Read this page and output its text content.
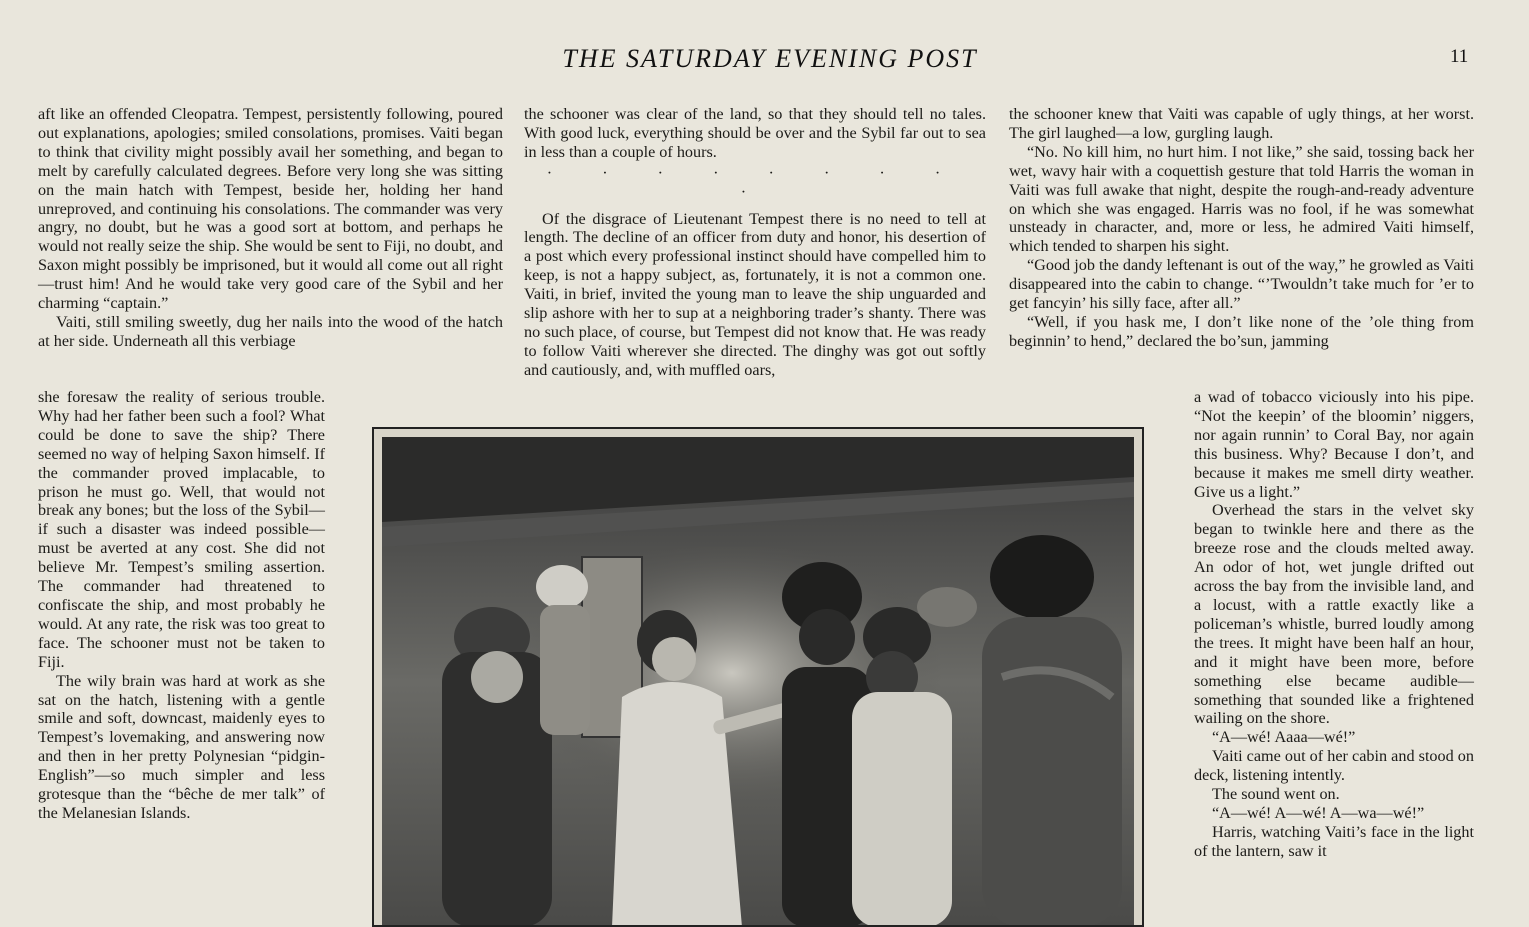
THE SATURDAY EVENING POST	11

aft like an offended Cleopatra. Tempest, persistently following, poured out explanations, apologies; smiled consolations, promises. Vaiti began to think that civility might possibly avail her something, and began to melt by carefully calculated degrees. Before very long she was sitting on the main hatch with Tempest, beside her, holding her hand unreproved, and continuing his consolations. The commander was very angry, no doubt, but he was a good sort at bottom, and perhaps he would not really seize the ship. She would be sent to Fiji, no doubt, and Saxon might possibly be imprisoned, but it would all come out all right—trust him! And he would take very good care of the Sybil and her charming “captain.”

Vaiti, still smiling sweetly, dug her nails into the wood of the hatch at her side. Underneath all this verbiage

she foresaw the reality of serious trouble. Why had her father been such a fool? What could be done to save the ship? There seemed no way of helping Saxon himself. If the commander proved implacable, to prison he must go. Well, that would not break any bones; but the loss of the Sybil—if such a disaster was indeed possible—must be averted at any cost. She did not believe Mr. Tempest’s smiling assertion. The commander had threatened to confiscate the ship, and most probably he would. At any rate, the risk was too great to face. The schooner must not be taken to Fiji.

The wily brain was hard at work as she sat on the hatch, listening with a gentle smile and soft, downcast, maidenly eyes to Tempest’s lovemaking, and answering now and then in her pretty Polynesian “pidgin-English”—so much simpler and less grotesque than the “bêche de mer talk” of the Melanesian Islands.

the schooner was clear of the land, so that they should tell no tales. With good luck, everything should be over and the Sybil far out to sea in less than a couple of hours.

· · · · · · · · ·

Of the disgrace of Lieutenant Tempest there is no need to tell at length. The decline of an officer from duty and honor, his desertion of a post which every professional instinct should have compelled him to keep, is not a happy subject, as, fortunately, it is not a common one. Vaiti, in brief, invited the young man to leave the ship unguarded and slip ashore with her to sup at a neighboring trader’s shanty. There was no such place, of course, but Tempest did not know that. He was ready to follow Vaiti wherever she directed. The dinghy was got out softly and cautiously, and, with muffled oars,

the schooner knew that Vaiti was capable of ugly things, at her worst. The girl laughed—a low, gurgling laugh.

“No. No kill him, no hurt him. I not like,” she said, tossing back her wet, wavy hair with a coquettish gesture that told Harris the woman in Vaiti was full awake that night, despite the rough-and-ready adventure on which she was engaged. Harris was no fool, if he was somewhat unsteady in character, and, more or less, he admired Vaiti himself, which tended to sharpen his sight.

“Good job the dandy leftenant is out of the way,” he growled as Vaiti disappeared into the cabin to change. “’Twouldn’t take much for ’er to get fancyin’ his silly face, after all.”

“Well, if you hask me, I don’t like none of the ’ole thing from beginnin’ to hend,” declared the bo’sun, jamming

a wad of tobacco viciously into his pipe. “Not the keepin’ of the bloomin’ niggers, nor again runnin’ to Coral Bay, nor again this business. Why? Because I don’t, and because it makes me smell dirty weather. Give us a light.”

Overhead the stars in the velvet sky began to twinkle here and there as the breeze rose and the clouds melted away. An odor of hot, wet jungle drifted out across the bay from the invisible land, and a locust, with a rattle exactly like a policeman’s whistle, burred loudly among the trees. It might have been half an hour, and it might have been more, before something else became audible—something that sounded like a frightened wailing on the shore.

“A—wé! Aaaa—wé!”

Vaiti came out of her cabin and stood on deck, listening intently.

The sound went on.

“A—wé! A—wé! A—wa—wé!”

Harris, watching Vaiti’s face in the light of the lantern, saw it
